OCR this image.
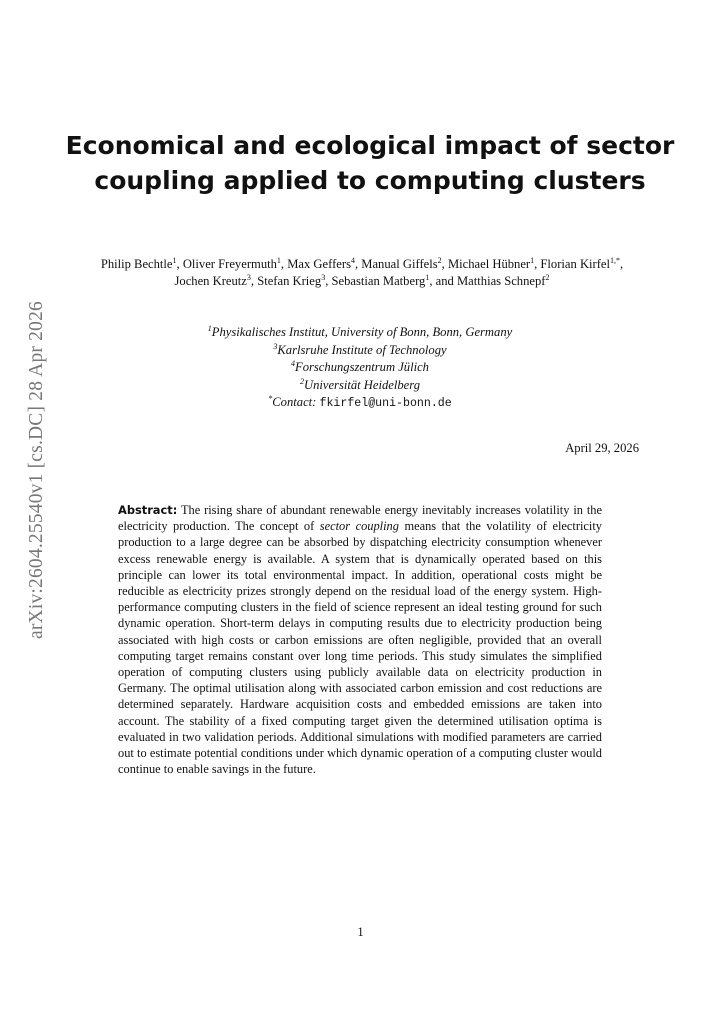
arXiv:2604.25540v1 [cs.DC] 28 Apr 2026
Economical and ecological impact of sector coupling applied to computing clusters
Philip Bechtle$^1$, Oliver Freyermuth$^1$, Max Geffers$^4$, Manual Giffels$^2$, Michael Hübner$^1$, Florian Kirfel$^{1,*}$, Jochen Kreutz$^3$, Stefan Krieg$^3$, Sebastian Matberg$^1$, and Matthias Schnepf$^2$
$^1$Physikalisches Institut, University of Bonn, Bonn, Germany
$^3$Karlsruhe Institute of Technology
$^4$Forschungszentrum Jülich
$^2$Universität Heidelberg
*Contact: fkirfel@uni-bonn.de
April 29, 2026

Abstract: The rising share of abundant renewable energy inevitably increases volatility in the electricity production. The concept of sector coupling means that the volatility of electricity production to a large degree can be absorbed by dispatching electricity consumption whenever excess renewable energy is available. A system that is dynamically operated based on this principle can lower its total environmental impact. In addition, operational costs might be reducible as electricity prizes strongly depend on the residual load of the energy system. High-performance computing clusters in the field of science represent an ideal testing ground for such dynamic operation. Short-term delays in computing results due to electricity production being associated with high costs or carbon emissions are often negligible, provided that an overall computing target remains constant over long time periods. This study simulates the simplified operation of computing clusters using publicly available data on electricity production in Germany. The optimal utilisation along with associated carbon emission and cost reductions are determined separately. Hardware acquisition costs and embedded emissions are taken into account. The stability of a fixed computing target given the determined utilisation optima is evaluated in two validation periods. Additional simulations with modified parameters are carried out to estimate potential conditions under which dynamic operation of a computing cluster would continue to enable savings in the future.

1
